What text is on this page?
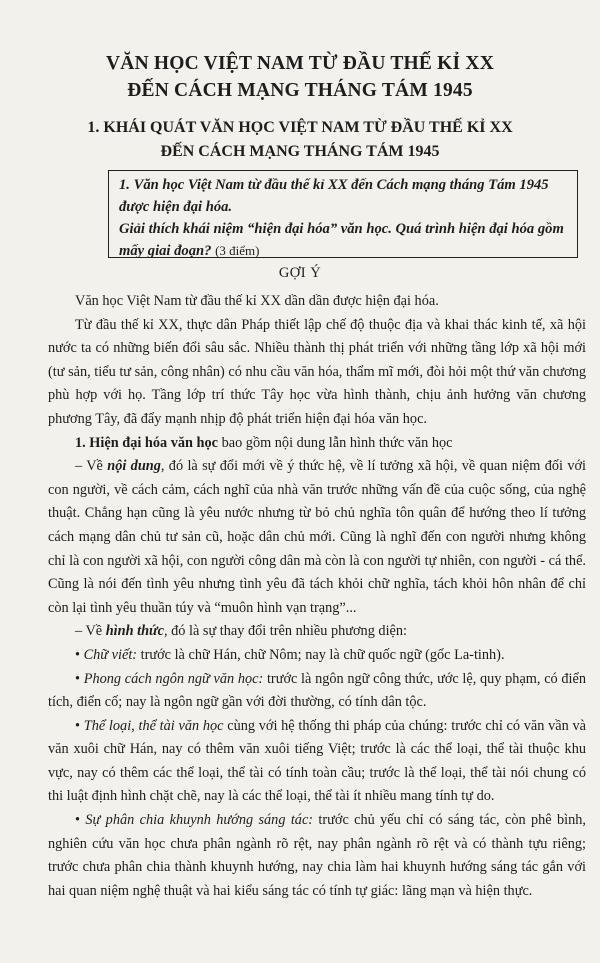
VĂN HỌC VIỆT NAM TỪ ĐẦU THẾ KỈ XX
ĐẾN CÁCH MẠNG THÁNG TÁM 1945
1. KHÁI QUÁT VĂN HỌC VIỆT NAM TỪ ĐẦU THẾ KỈ XX
ĐẾN CÁCH MẠNG THÁNG TÁM 1945

1. Văn học Việt Nam từ đầu thế kỉ XX đến Cách mạng tháng Tám 1945 được hiện đại hóa.

Giải thích khái niệm “hiện đại hóa” văn học. Quá trình hiện đại hóa gồm mấy giai đoạn? (3 điểm)

GỢI Ý

Văn học Việt Nam từ đầu thế kỉ XX dần dần được hiện đại hóa.

Từ đầu thế kỉ XX, thực dân Pháp thiết lập chế độ thuộc địa và khai thác kinh tế, xã hội nước ta có những biến đổi sâu sắc. Nhiều thành thị phát triển với những tầng lớp xã hội mới (tư sản, tiểu tư sản, công nhân) có nhu cầu văn hóa, thẩm mĩ mới, đòi hỏi một thứ văn chương phù hợp với họ. Tầng lớp trí thức Tây học vừa hình thành, chịu ảnh hưởng văn chương phương Tây, đã đẩy mạnh nhịp độ phát triển hiện đại hóa văn học.

1. Hiện đại hóa văn học bao gồm nội dung lẫn hình thức văn học

– Về nội dung, đó là sự đổi mới về ý thức hệ, về lí tưởng xã hội, về quan niệm đối với con người, về cách cảm, cách nghĩ của nhà văn trước những vấn đề của cuộc sống, của nghệ thuật. Chẳng hạn cũng là yêu nước nhưng từ bỏ chủ nghĩa tôn quân để hướng theo lí tưởng cách mạng dân chủ tư sản cũ, hoặc dân chủ mới. Cũng là nghĩ đến con người nhưng không chỉ là con người xã hội, con người công dân mà còn là con người tự nhiên, con người - cá thể. Cũng là nói đến tình yêu nhưng tình yêu đã tách khỏi chữ nghĩa, tách khỏi hôn nhân để chỉ còn lại tình yêu thuần túy và “muôn hình vạn trạng”...

– Về hình thức, đó là sự thay đổi trên nhiều phương diện:

• Chữ viết: trước là chữ Hán, chữ Nôm; nay là chữ quốc ngữ (gốc La-tinh).

• Phong cách ngôn ngữ văn học: trước là ngôn ngữ công thức, ước lệ, quy phạm, có điển tích, điển cố; nay là ngôn ngữ gần với đời thường, có tính dân tộc.

• Thể loại, thể tài văn học cùng với hệ thống thi pháp của chúng: trước chỉ có văn vần và văn xuôi chữ Hán, nay có thêm văn xuôi tiếng Việt; trước là các thể loại, thể tài thuộc khu vực, nay có thêm các thể loại, thể tài có tính toàn cầu; trước là thể loại, thể tài nói chung có thi luật định hình chặt chẽ, nay là các thể loại, thể tài ít nhiều mang tính tự do.

• Sự phân chia khuynh hướng sáng tác: trước chủ yếu chỉ có sáng tác, còn phê bình, nghiên cứu văn học chưa phân ngành rõ rệt, nay phân ngành rõ rệt và có thành tựu riêng; trước chưa phân chia thành khuynh hướng, nay chia làm hai khuynh hướng sáng tác gắn với hai quan niệm nghệ thuật và hai kiểu sáng tác có tính tự giác: lãng mạn và hiện thực.
